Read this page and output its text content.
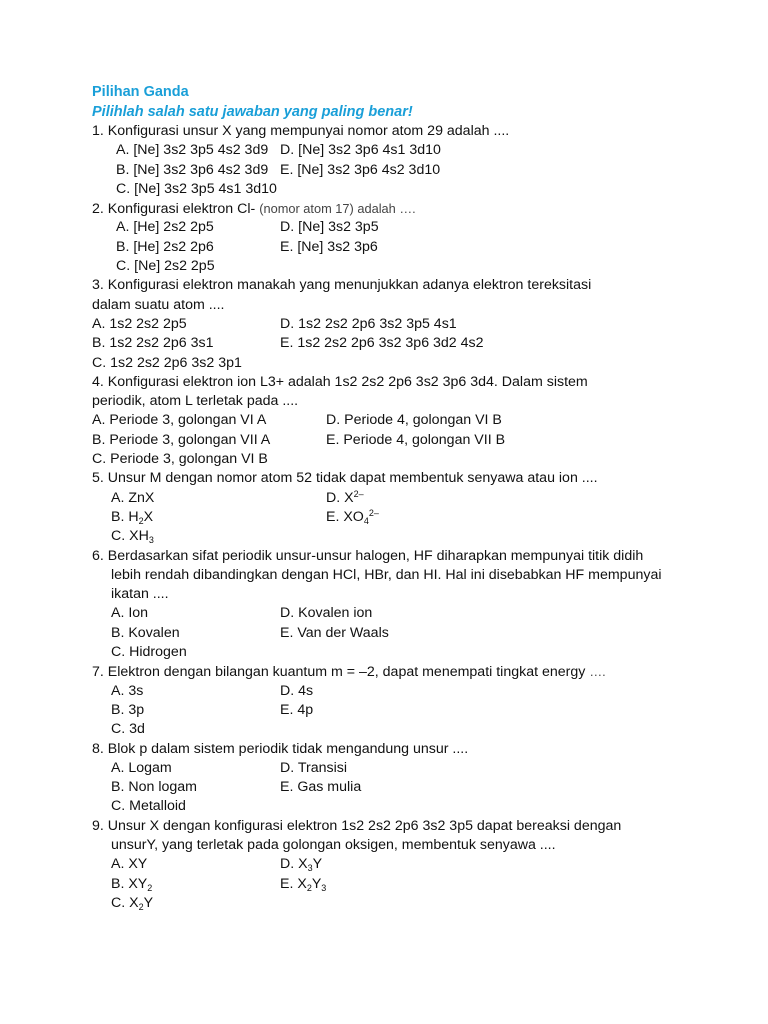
Pilihan Ganda
Pilihlah salah satu jawaban yang paling benar!
1. Konfigurasi unsur X yang mempunyai nomor atom 29 adalah ....
A. [Ne] 3s2 3p5 4s2 3d9 D. [Ne] 3s2 3p6 4s1 3d10
B. [Ne] 3s2 3p6 4s2 3d9 E. [Ne] 3s2 3p6 4s2 3d10
C. [Ne] 3s2 3p5 4s1 3d10
2. Konfigurasi elektron Cl- (nomor atom 17) adalah ….
A. [He] 2s2 2p5	D. [Ne] 3s2 3p5
B. [He] 2s2 2p6	E. [Ne] 3s2 3p6
C. [Ne] 2s2 2p5
3. Konfigurasi elektron manakah yang menunjukkan adanya elektron tereksitasi
dalam suatu atom ....
A. 1s2 2s2 2p5	D. 1s2 2s2 2p6 3s2 3p5 4s1
B. 1s2 2s2 2p6 3s1	E. 1s2 2s2 2p6 3s2 3p6 3d2 4s2
C. 1s2 2s2 2p6 3s2 3p1
4. Konfigurasi elektron ion L3+ adalah 1s2 2s2 2p6 3s2 3p6 3d4. Dalam sistem
periodik, atom L terletak pada ....
A. Periode 3, golongan VI A	D. Periode 4, golongan VI B
B. Periode 3, golongan VII A	E. Periode 4, golongan VII B
C. Periode 3, golongan VI B
5. Unsur M dengan nomor atom 52 tidak dapat membentuk senyawa atau ion ....
A. ZnX	D. $X^{2-}$
B. $H_2X$	E. $XO_4^{2-}$
C. $XH_3$
6. Berdasarkan sifat periodik unsur-unsur halogen, HF diharapkan mempunyai titik didih
lebih rendah dibandingkan dengan HCl, HBr, dan HI. Hal ini disebabkan HF mempunyai
ikatan ....
A. Ion	D. Kovalen ion
B. Kovalen	E. Van der Waals
C. Hidrogen
7. Elektron dengan bilangan kuantum m = –2, dapat menempati tingkat energy ….
A. 3s	D. 4s
B. 3p	E. 4p
C. 3d
8. Blok p dalam sistem periodik tidak mengandung unsur ....
A. Logam	D. Transisi
B. Non logam	E. Gas mulia
C. Metalloid
9. Unsur X dengan konfigurasi elektron 1s2 2s2 2p6 3s2 3p5 dapat bereaksi dengan
unsurY, yang terletak pada golongan oksigen, membentuk senyawa ....
A. XY	D. $X_3Y$
B. $XY_2$	E. $X_2Y_3$
C. $X_2Y$
